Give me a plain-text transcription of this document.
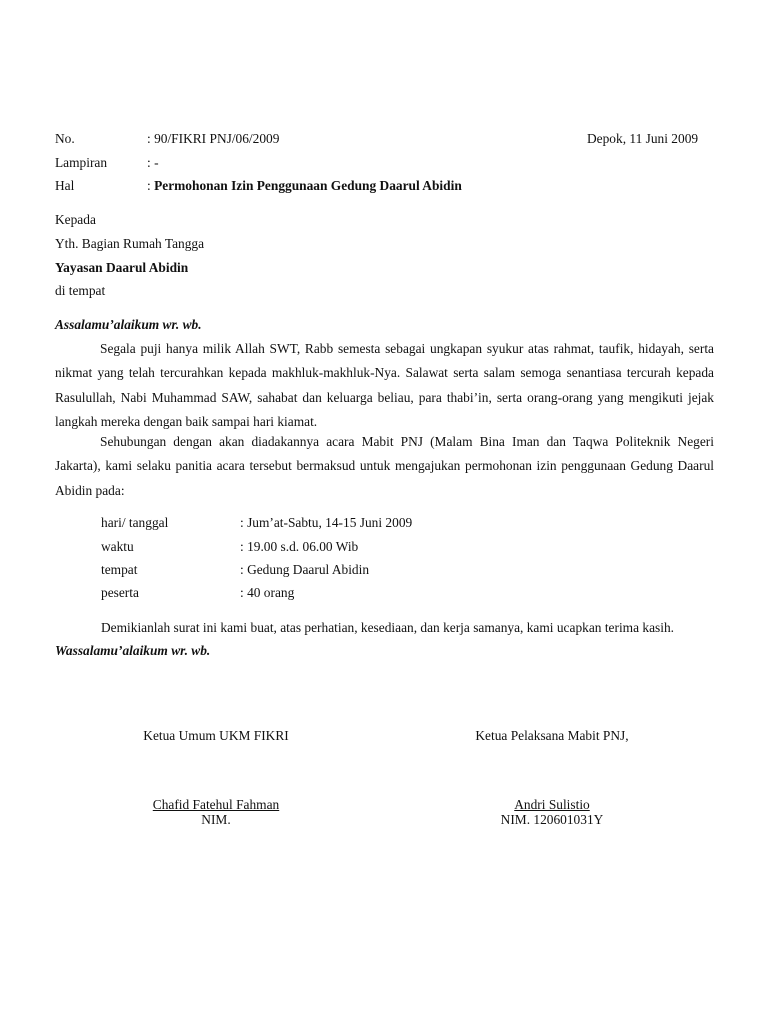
No.	: 90/FIKRI PNJ/06/2009	Depok, 11 Juni 2009
Lampiran	: -
Hal	: Permohonan Izin Penggunaan Gedung Daarul Abidin
Kepada
Yth. Bagian Rumah Tangga
Yayasan Daarul Abidin
di tempat
Assalamu’alaikum wr. wb.

Segala puji hanya milik Allah SWT, Rabb semesta sebagai ungkapan syukur atas rahmat, taufik, hidayah, serta nikmat yang telah tercurahkan kepada makhluk-makhluk-Nya. Salawat serta salam semoga senantiasa tercurah kepada Rasulullah, Nabi Muhammad SAW, sahabat dan keluarga beliau, para thabi’in, serta orang-orang yang mengikuti jejak langkah mereka dengan baik sampai hari kiamat.

Sehubungan dengan akan diadakannya acara Mabit PNJ (Malam Bina Iman dan Taqwa Politeknik Negeri Jakarta), kami selaku panitia acara tersebut bermaksud untuk mengajukan permohonan izin penggunaan Gedung Daarul Abidin pada:

hari/ tanggal	: Jum’at-Sabtu, 14-15 Juni 2009
waktu	: 19.00 s.d. 06.00 Wib
tempat	: Gedung Daarul Abidin
peserta	: 40 orang
Demikianlah surat ini kami buat, atas perhatian, kesediaan, dan kerja samanya, kami ucapkan terima kasih.
Wassalamu’alaikum wr. wb.
Ketua Umum UKM FIKRI
Chafid Fatehul Fahman
NIM.
Ketua Pelaksana Mabit PNJ,
Andri Sulistio
NIM. 120601031Y
